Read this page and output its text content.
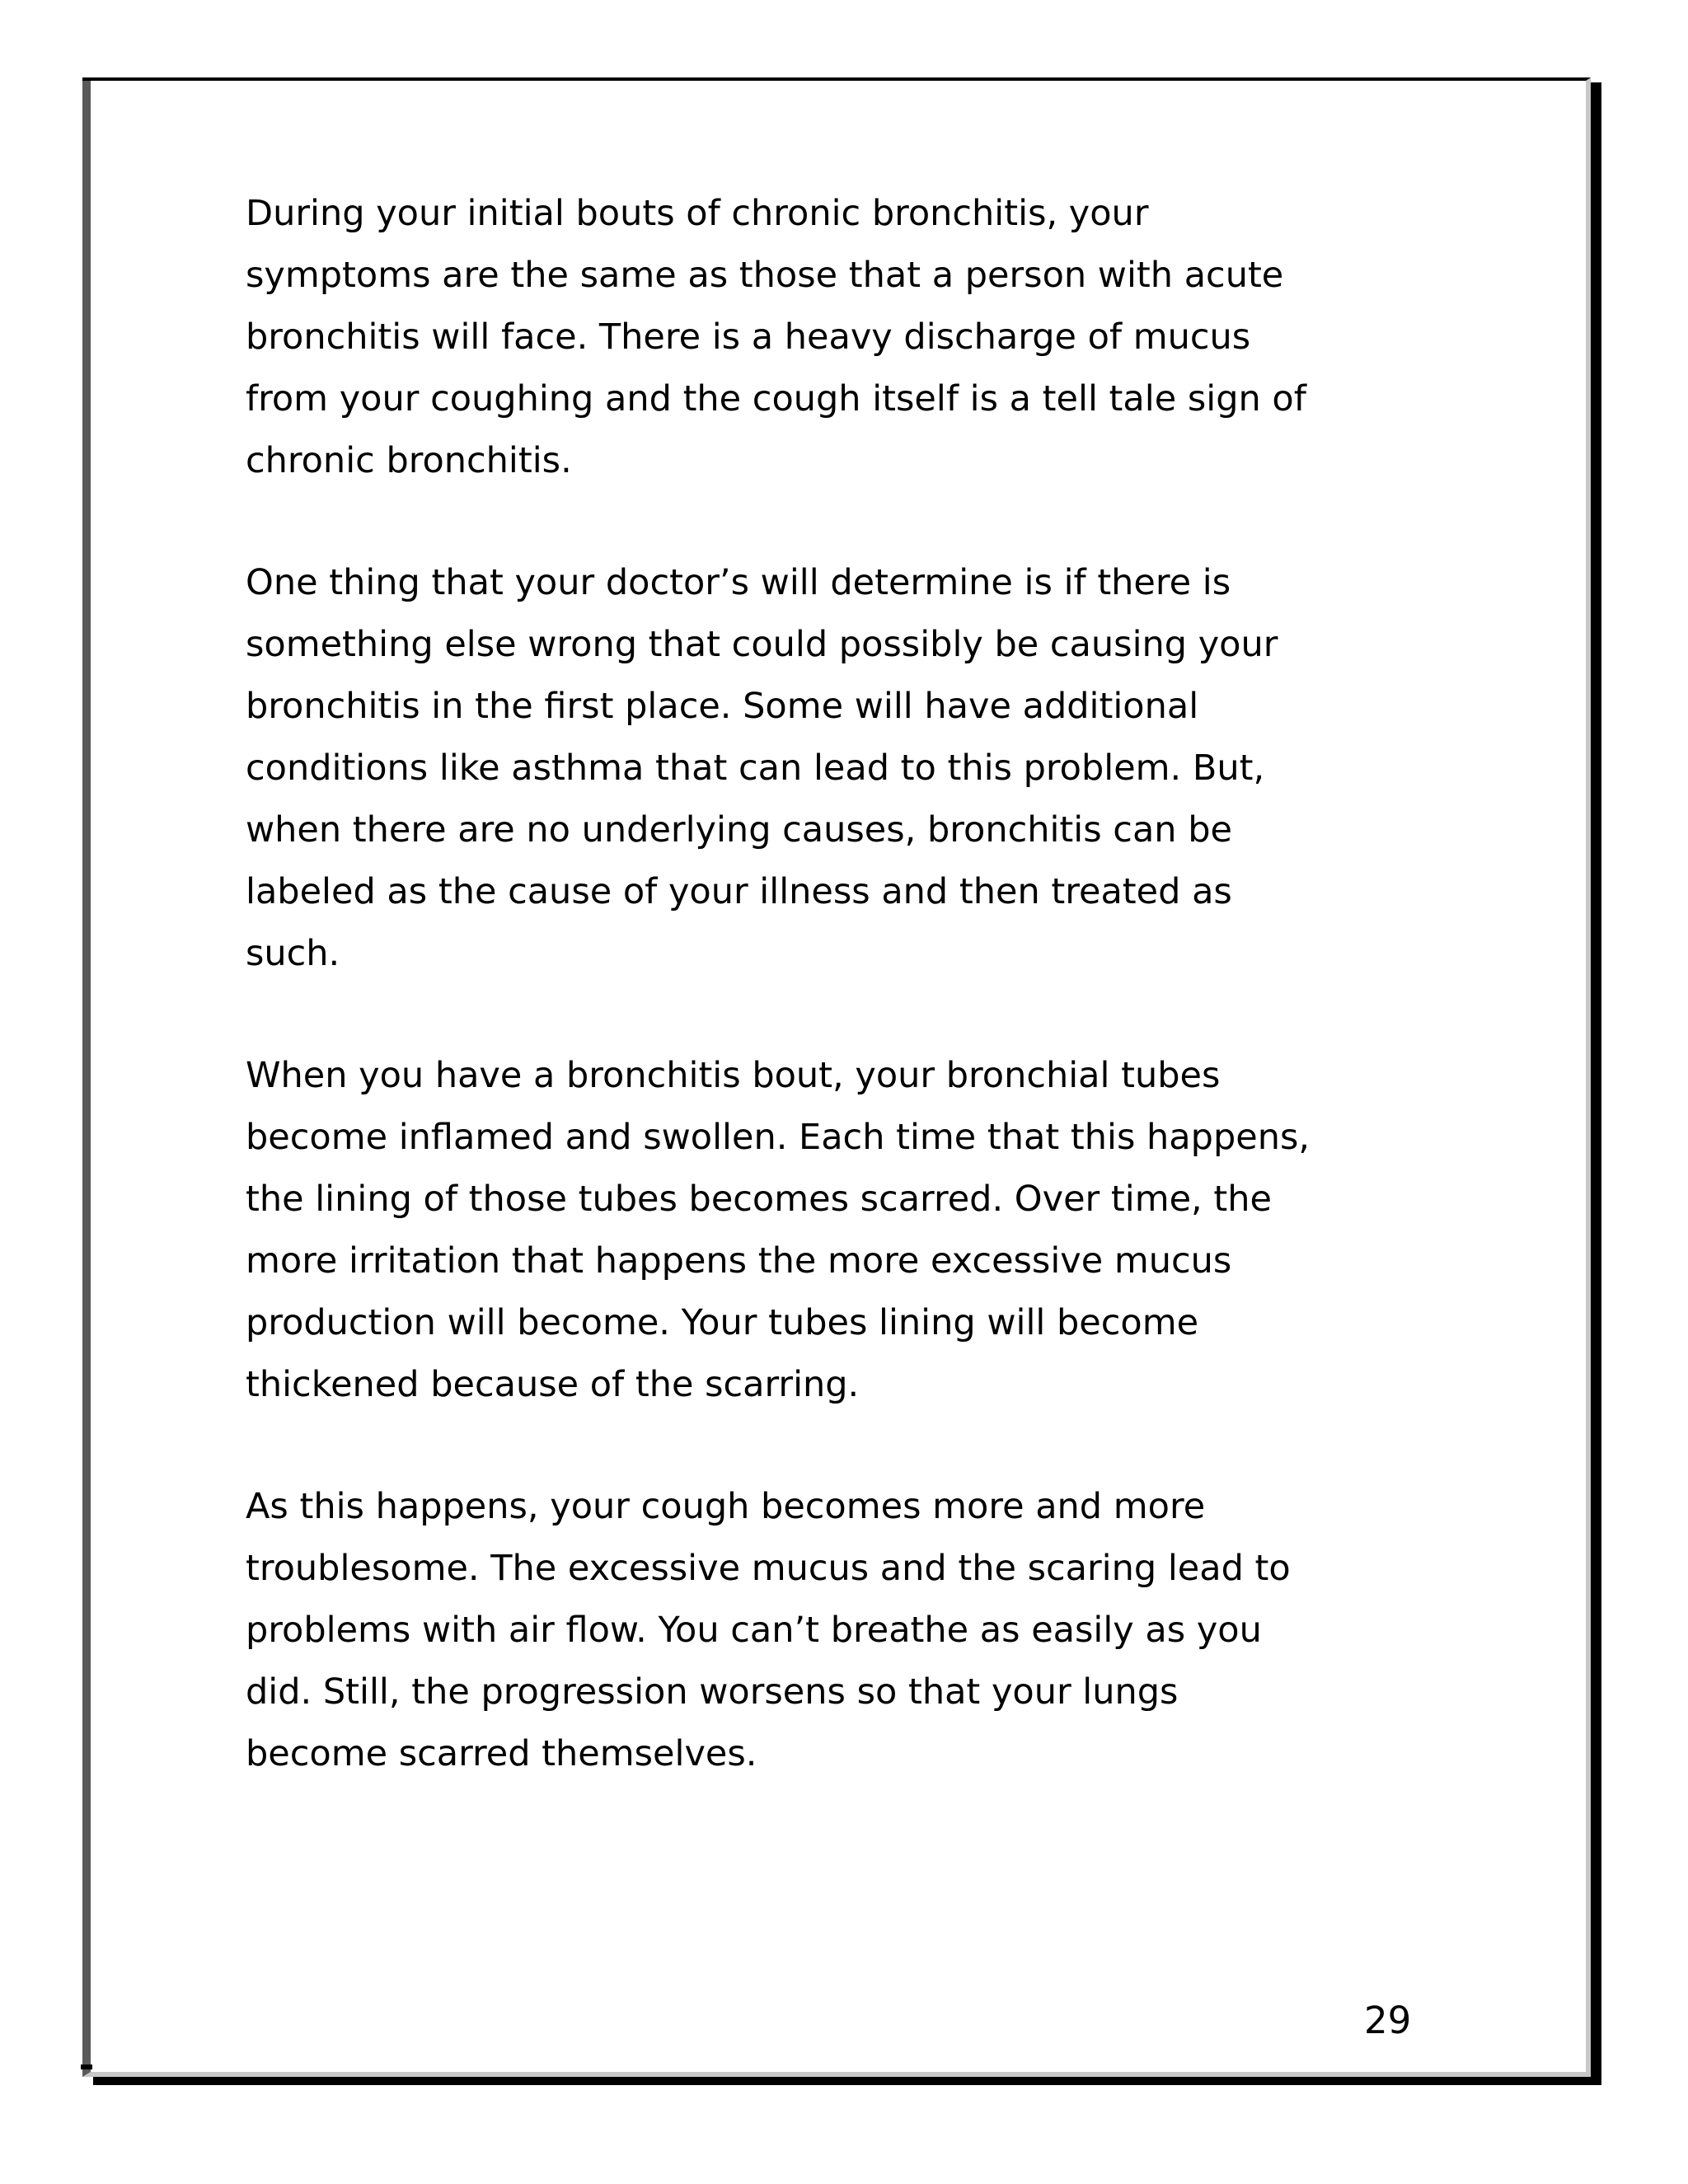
During your initial bouts of chronic bronchitis, your
symptoms are the same as those that a person with acute
bronchitis will face. There is a heavy discharge of mucus
from your coughing and the cough itself is a tell tale sign of
chronic bronchitis.

One thing that your doctor’s will determine is if there is
something else wrong that could possibly be causing your
bronchitis in the first place. Some will have additional
conditions like asthma that can lead to this problem. But,
when there are no underlying causes, bronchitis can be
labeled as the cause of your illness and then treated as
such.

When you have a bronchitis bout, your bronchial tubes
become inflamed and swollen. Each time that this happens,
the lining of those tubes becomes scarred. Over time, the
more irritation that happens the more excessive mucus
production will become. Your tubes lining will become
thickened because of the scarring.

As this happens, your cough becomes more and more
troublesome. The excessive mucus and the scaring lead to
problems with air flow. You can’t breathe as easily as you
did. Still, the progression worsens so that your lungs
become scarred themselves.

29
